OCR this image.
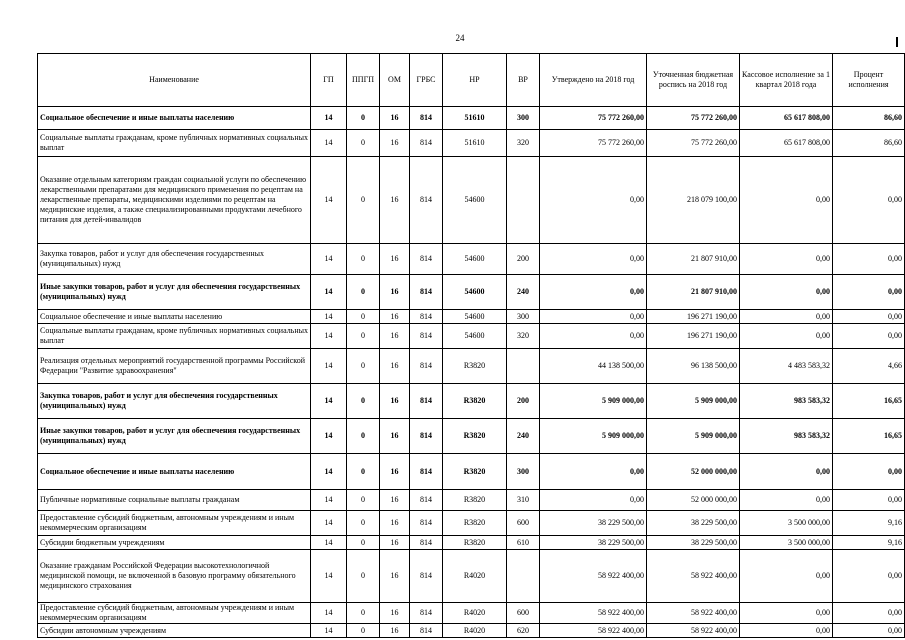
24
Наименование	ГП	ППГП	ОМ	ГРБС	НР	ВР	Утверждено на 2018 год	Уточненная бюджетная роспись на 2018 год	Кассовое исполнение за 1 квартал 2018 года	Процент исполнения
Социальное обеспечение и иные выплаты населению	14	0	16	814	51610	300	75 772 260,00	75 772 260,00	65 617 808,00	86,60
Социальные выплаты гражданам, кроме публичных нормативных социальных выплат	14	0	16	814	51610	320	75 772 260,00	75 772 260,00	65 617 808,00	86,60
Оказание отдельным категориям граждан социальной услуги по обеспечению лекарственными препаратами для медицинского применения по рецептам на лекарственные препараты, медицинскими изделиями по рецептам на медицинские изделия, а также специализированными продуктами лечебного питания для детей-инвалидов	14	0	16	814	54600		0,00	218 079 100,00	0,00	0,00
Закупка товаров, работ и услуг для обеспечения государственных (муниципальных) нужд	14	0	16	814	54600	200	0,00	21 807 910,00	0,00	0,00
Иные закупки товаров, работ и услуг для обеспечения государственных (муниципальных) нужд	14	0	16	814	54600	240	0,00	21 807 910,00	0,00	0,00
Социальное обеспечение и иные выплаты населению	14	0	16	814	54600	300	0,00	196 271 190,00	0,00	0,00
Социальные выплаты гражданам, кроме публичных нормативных социальных выплат	14	0	16	814	54600	320	0,00	196 271 190,00	0,00	0,00
Реализация отдельных мероприятий государственной программы Российской Федерации "Развитие здравоохранения"	14	0	16	814	R3820		44 138 500,00	96 138 500,00	4 483 583,32	4,66
Закупка товаров, работ и услуг для обеспечения государственных (муниципальных) нужд	14	0	16	814	R3820	200	5 909 000,00	5 909 000,00	983 583,32	16,65
Иные закупки товаров, работ и услуг для обеспечения государственных (муниципальных) нужд	14	0	16	814	R3820	240	5 909 000,00	5 909 000,00	983 583,32	16,65
Социальное обеспечение и иные выплаты населению	14	0	16	814	R3820	300	0,00	52 000 000,00	0,00	0,00
Публичные нормативные социальные выплаты гражданам	14	0	16	814	R3820	310	0,00	52 000 000,00	0,00	0,00
Предоставление субсидий бюджетным, автономным учреждениям и иным некоммерческим организациям	14	0	16	814	R3820	600	38 229 500,00	38 229 500,00	3 500 000,00	9,16
Субсидии бюджетным учреждениям	14	0	16	814	R3820	610	38 229 500,00	38 229 500,00	3 500 000,00	9,16
Оказание гражданам Российской Федерации высокотехнологичной медицинской помощи, не включенной в базовую программу обязательного медицинского страхования	14	0	16	814	R4020		58 922 400,00	58 922 400,00	0,00	0,00
Предоставление субсидий бюджетным, автономным учреждениям и иным некоммерческим организациям	14	0	16	814	R4020	600	58 922 400,00	58 922 400,00	0,00	0,00
Субсидии автономным учреждениям	14	0	16	814	R4020	620	58 922 400,00	58 922 400,00	0,00	0,00
